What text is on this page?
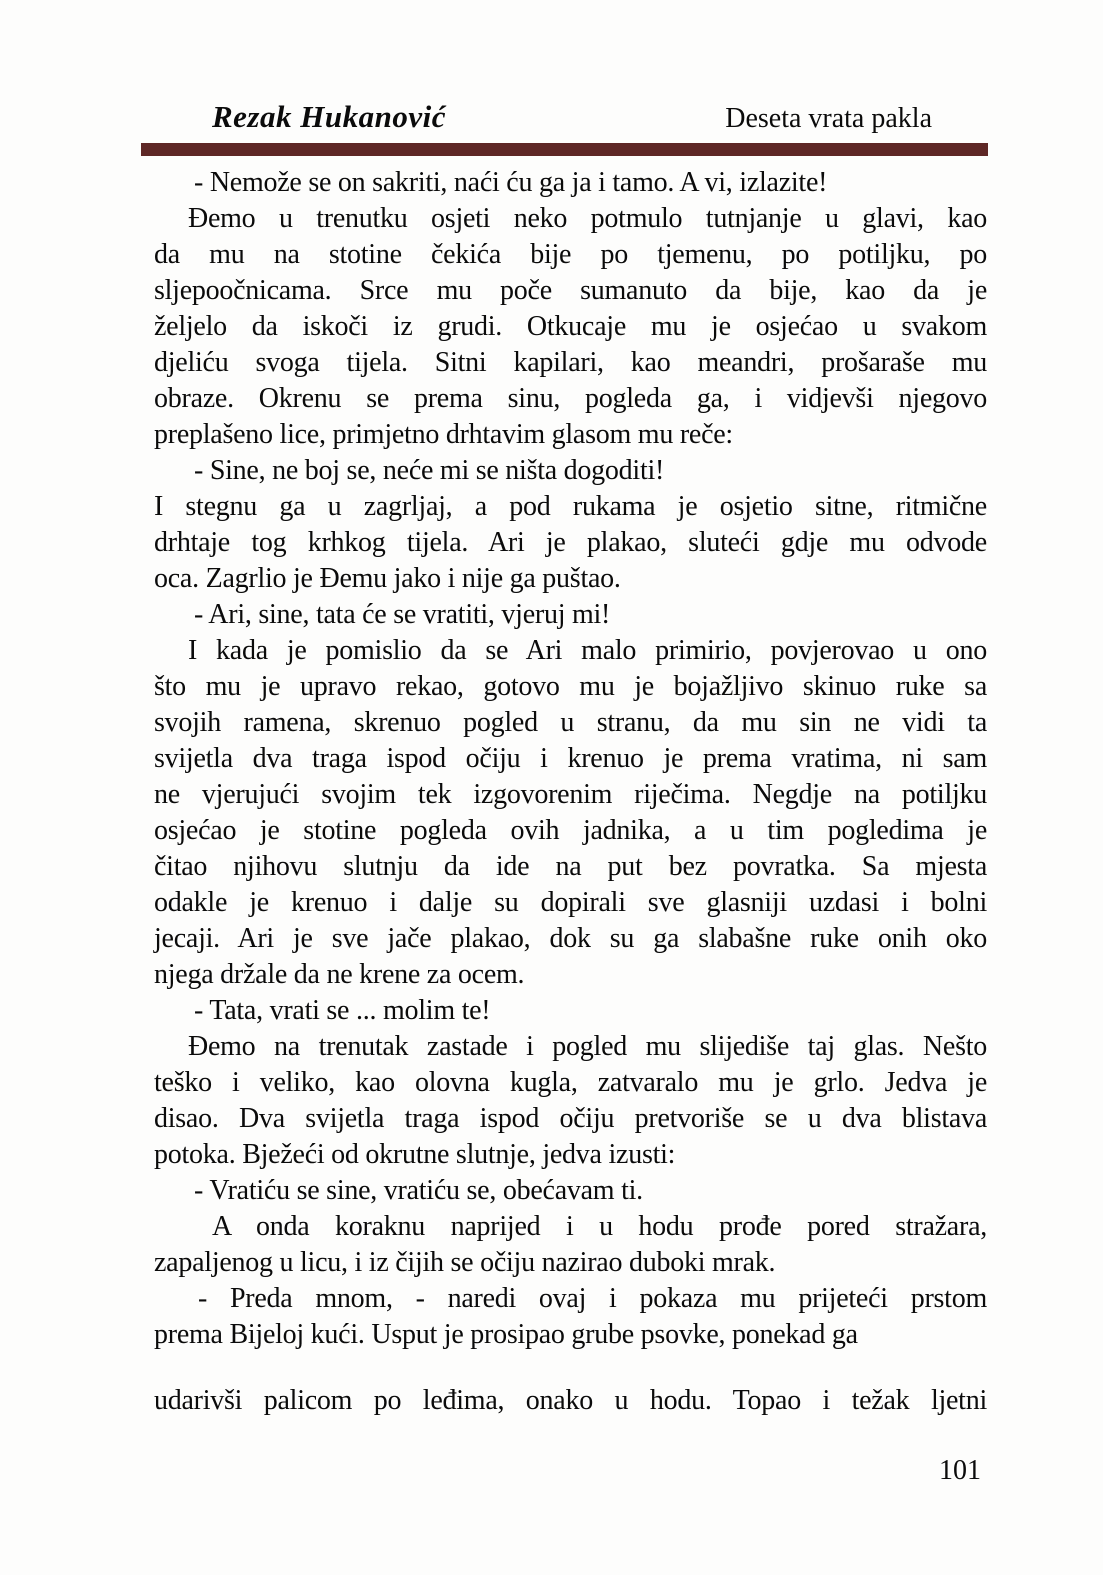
Rezak Hukanović	Deseta vrata pakla

- Nemože se on sakriti, naći ću ga ja i tamo. A vi, izlazite!

Đemo u trenutku osjeti neko potmulo tutnjanje u glavi, kao
da mu na stotine čekića bije po tjemenu, po potiljku, po
sljepoočnicama. Srce mu poče sumanuto da bije, kao da je
željelo da iskoči iz grudi. Otkucaje mu je osjećao u svakom
djeliću svoga tijela. Sitni kapilari, kao meandri, prošaraše mu
obraze. Okrenu se prema sinu, pogleda ga, i vidjevši njegovo
preplašeno lice, primjetno drhtavim glasom mu reče:

- Sine, ne boj se, neće mi se ništa dogoditi!

I stegnu ga u zagrljaj, a pod rukama je osjetio sitne, ritmične
drhtaje tog krhkog tijela. Ari je plakao, sluteći gdje mu odvode
oca. Zagrlio je Đemu jako i nije ga puštao.

- Ari, sine, tata će se vratiti, vjeruj mi!

I kada je pomislio da se Ari malo primirio, povjerovao u ono
što mu je upravo rekao, gotovo mu je bojažljivo skinuo ruke sa
svojih ramena, skrenuo pogled u stranu, da mu sin ne vidi ta
svijetla dva traga ispod očiju i krenuo je prema vratima, ni sam
ne vjerujući svojim tek izgovorenim riječima. Negdje na potiljku
osjećao je stotine pogleda ovih jadnika, a u tim pogledima je
čitao njihovu slutnju da ide na put bez povratka. Sa mjesta
odakle je krenuo i dalje su dopirali sve glasniji uzdasi i bolni
jecaji. Ari je sve jače plakao, dok su ga slabašne ruke onih oko
njega držale da ne krene za ocem.

- Tata, vrati se ... molim te!

Đemo na trenutak zastade i pogled mu slijediše taj glas. Nešto
teško i veliko, kao olovna kugla, zatvaralo mu je grlo. Jedva je
disao. Dva svijetla traga ispod očiju pretvoriše se u dva blistava
potoka. Bježeći od okrutne slutnje, jedva izusti:

- Vratiću se sine, vratiću se, obećavam ti.

A onda koraknu naprijed i u hodu prođe pored stražara,
zapaljenog u licu, i iz čijih se očiju nazirao duboki mrak.

- Preda mnom, - naredi ovaj i pokaza mu prijeteći prstom
prema Bijeloj kući. Usput je prosipao grube psovke, ponekad ga

udarivši palicom po leđima, onako u hodu. Topao i težak ljetni

101
